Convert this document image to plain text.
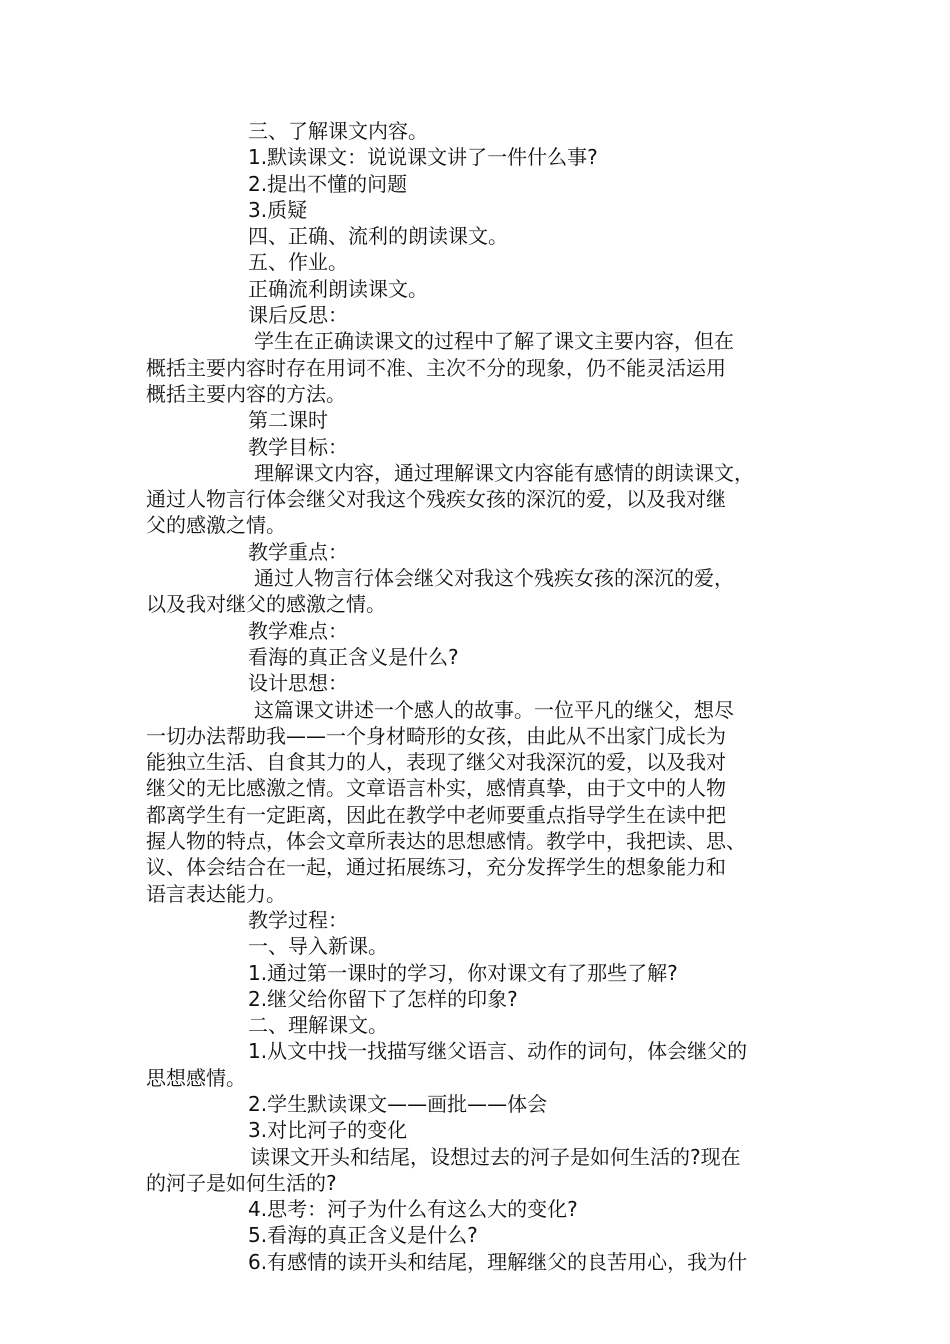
三、了解课文内容。

1.默读课文：说说课文讲了一件什么事?

2.提出不懂的问题

3.质疑

四、正确、流利的朗读课文。

五、作业。

正确流利朗读课文。

课后反思：

学生在正确读课文的过程中了解了课文主要内容，但在

概括主要内容时存在用词不准、主次不分的现象，仍不能灵活运用

概括主要内容的方法。

第二课时

教学目标：

理解课文内容，通过理解课文内容能有感情的朗读课文，

通过人物言行体会继父对我这个残疾女孩的深沉的爱，以及我对继

父的感激之情。

教学重点：

通过人物言行体会继父对我这个残疾女孩的深沉的爱，

以及我对继父的感激之情。

教学难点：

看海的真正含义是什么?

设计思想：

这篇课文讲述一个感人的故事。一位平凡的继父，想尽

一切办法帮助我——一个身材畸形的女孩，由此从不出家门成长为

能独立生活、自食其力的人，表现了继父对我深沉的爱，以及我对

继父的无比感激之情。文章语言朴实，感情真挚，由于文中的人物

都离学生有一定距离，因此在教学中老师要重点指导学生在读中把

握人物的特点，体会文章所表达的思想感情。教学中，我把读、思、

议、体会结合在一起，通过拓展练习，充分发挥学生的想象能力和

语言表达能力。

教学过程：

一、导入新课。

1.通过第一课时的学习，你对课文有了那些了解?

2.继父给你留下了怎样的印象?

二、理解课文。

1.从文中找一找描写继父语言、动作的词句，体会继父的

思想感情。

2.学生默读课文——画批——体会

3.对比河子的变化

读课文开头和结尾，设想过去的河子是如何生活的?现在

的河子是如何生活的?

4.思考：河子为什么有这么大的变化?

5.看海的真正含义是什么?

6.有感情的读开头和结尾，理解继父的良苦用心，我为什
